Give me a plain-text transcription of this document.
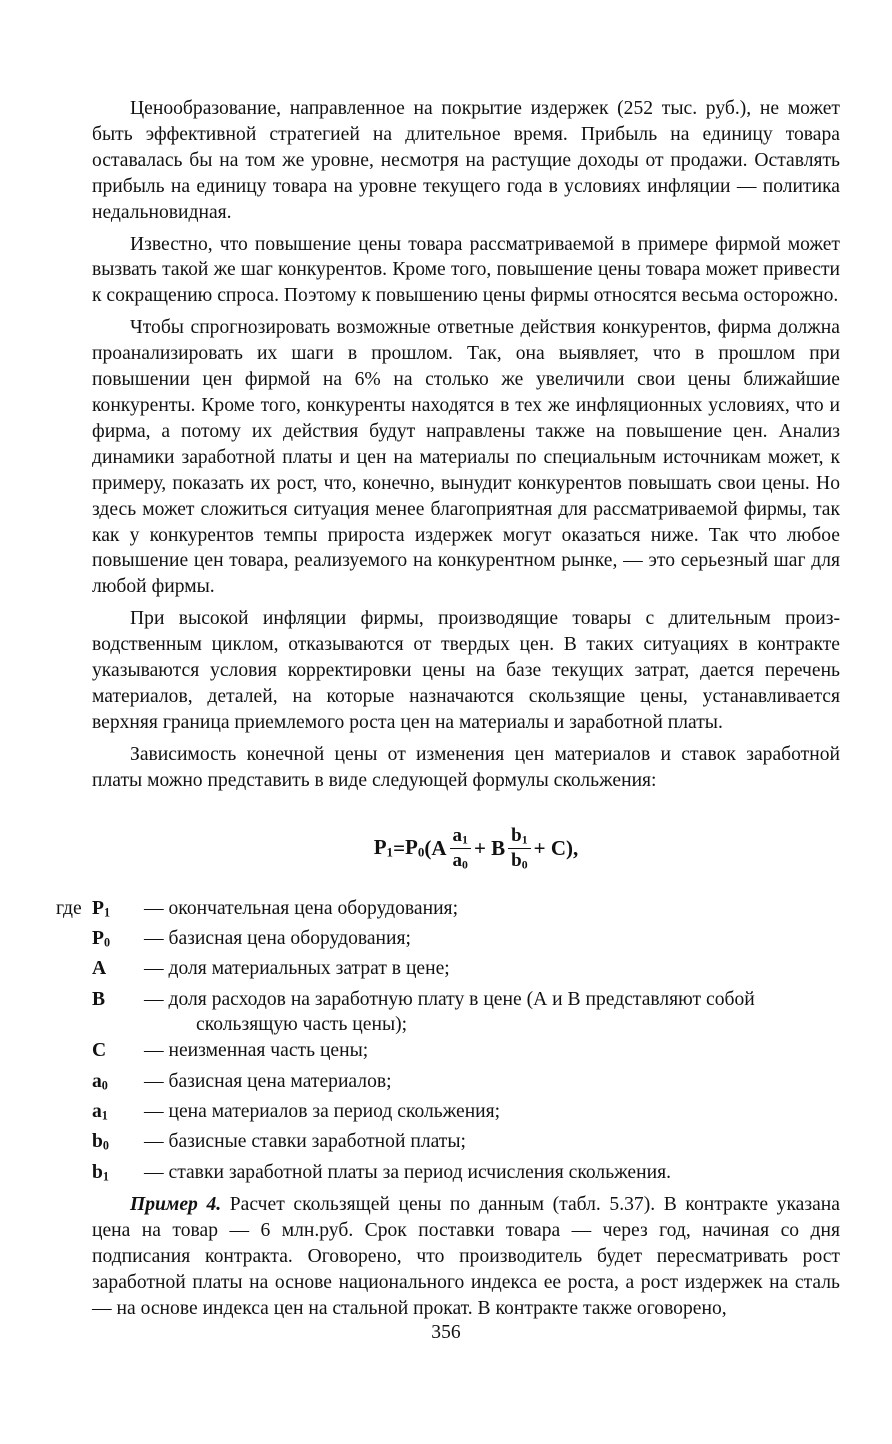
Ценообразование, направленное на покрытие издержек (252 тыс. руб.), не может быть эффективной стратегией на длительное время. Прибыль на единицу товара оставалась бы на том же уровне, несмотря на растущие доходы от продажи. Оставлять прибыль на единицу товара на уровне текущего года в условиях инфляции — политика недальновидная.

Известно, что повышение цены товара рассматриваемой в примере фирмой может вызвать такой же шаг конкурентов. Кроме того, повышение цены товара может привести к сокращению спроса. Поэтому к повышению цены фирмы относятся весьма осторожно.

Чтобы спрогнозировать возможные ответные действия конкурентов, фирма должна проанализировать их шаги в прошлом. Так, она выявляет, что в прошлом при повышении цен фирмой на 6% на столько же увеличили свои цены ближайшие конкуренты. Кроме того, конкуренты находятся в тех же инфляционных условиях, что и фирма, а потому их действия будут направлены также на повышение цен. Анализ динамики заработной платы и цен на материалы по специальным источникам может, к примеру, показать их рост, что, конечно, вынудит конкурентов повышать свои цены. Но здесь может сложиться ситуация менее благоприятная для рассматриваемой фирмы, так как у конкурентов темпы прироста издержек могут оказаться ниже. Так что любое повышение цен товара, реализуемого на конкурентном рынке, — это серьезный шаг для любой фирмы.

При высокой инфляции фирмы, производящие товары с длительным производственным циклом, отказываются от твердых цен. В таких ситуациях в контракте указываются условия корректировки цены на базе текущих затрат, дается перечень материалов, деталей, на которые назначаются скользящие цены, устанавливается верхняя граница приемлемого роста цен на материалы и заработной платы.

Зависимость конечной цены от изменения цен материалов и ставок заработной платы можно представить в виде следующей формулы скольжения:

$P_1=P_0(A \frac{a_1}{a_0} + B \frac{b_1}{b_0} + C)$,
где $P_1$	— окончательная цена оборудования;
$P_0$	— базисная цена оборудования;
A	— доля материальных затрат в цене;
B	— доля расходов на заработную плату в цене (А и В представляют собой
скользящую часть цены);
C	— неизменная часть цены;
$a_0$	— базисная цена материалов;
$a_1$	— цена материалов за период скольжения;
$b_0$	— базисные ставки заработной платы;
$b_1$	— ставки заработной платы за период исчисления скольжения.

Пример 4. Расчет скользящей цены по данным (табл. 5.37). В контракте указана цена на товар — 6 млн.руб. Срок поставки товара — через год, начиная со дня подписания контракта. Оговорено, что производитель будет пересматривать рост заработной платы на основе национального индекса ее роста, а рост издержек на сталь — на основе индекса цен на стальной прокат. В контракте также оговорено,

356
